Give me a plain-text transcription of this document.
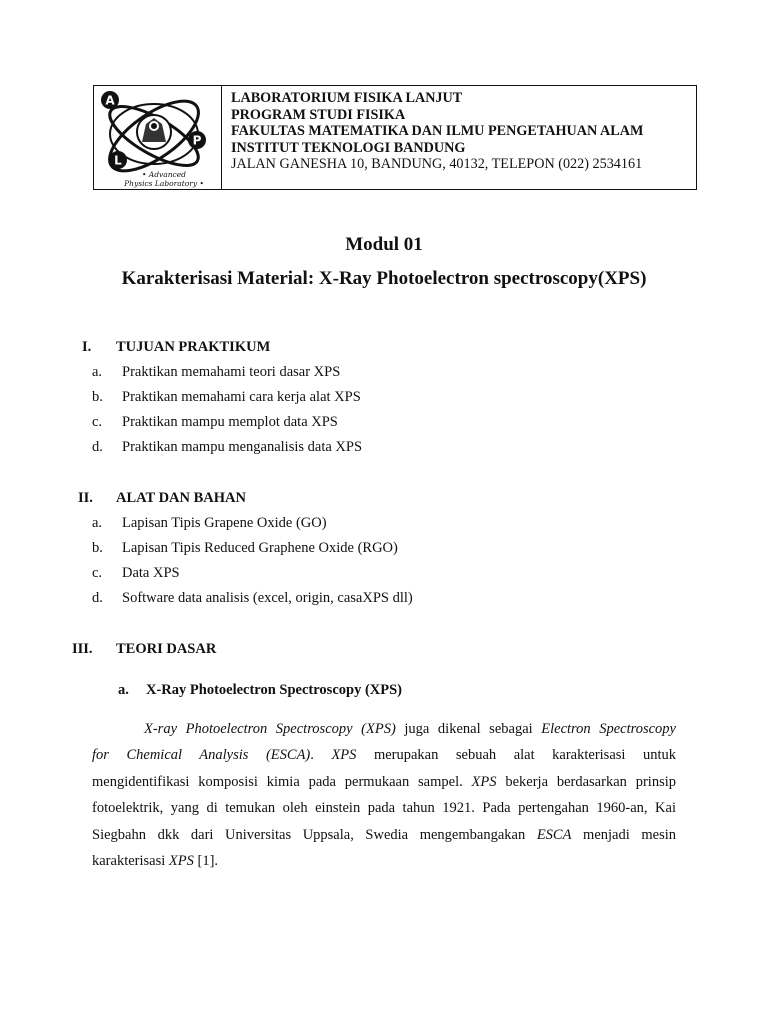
A
P
L
• Advanced
Physics Laboratory •
LABORATORIUM FISIKA LANJUT
PROGRAM STUDI FISIKA
FAKULTAS MATEMATIKA DAN ILMU PENGETAHUAN ALAM
INSTITUT TEKNOLOGI BANDUNG
JALAN GANESHA 10, BANDUNG, 40132, TELEPON (022) 2534161
Modul 01
Karakterisasi Material: X-Ray Photoelectron spectroscopy(XPS)
I. TUJUAN PRAKTIKUM
a. Praktikan memahami teori dasar XPS
b. Praktikan memahami cara kerja alat XPS
c. Praktikan mampu memplot data XPS
d. Praktikan mampu menganalisis data XPS
II. ALAT DAN BAHAN
a. Lapisan Tipis Grapene Oxide (GO)
b. Lapisan Tipis Reduced Graphene Oxide (RGO)
c. Data XPS
d. Software data analisis (excel, origin, casaXPS dll)
III. TEORI DASAR
a. X-Ray Photoelectron Spectroscopy (XPS)
X-ray Photoelectron Spectroscopy (XPS) juga dikenal sebagai Electron Spectroscopy
for Chemical Analysis (ESCA). XPS merupakan sebuah alat karakterisasi untuk
mengidentifikasi komposisi kimia pada permukaan sampel. XPS bekerja berdasarkan prinsip
fotoelektrik, yang di temukan oleh einstein pada tahun 1921. Pada pertengahan 1960-an, Kai
Siegbahn dkk dari Universitas Uppsala, Swedia mengembangakan ESCA menjadi mesin
karakterisasi XPS [1].
